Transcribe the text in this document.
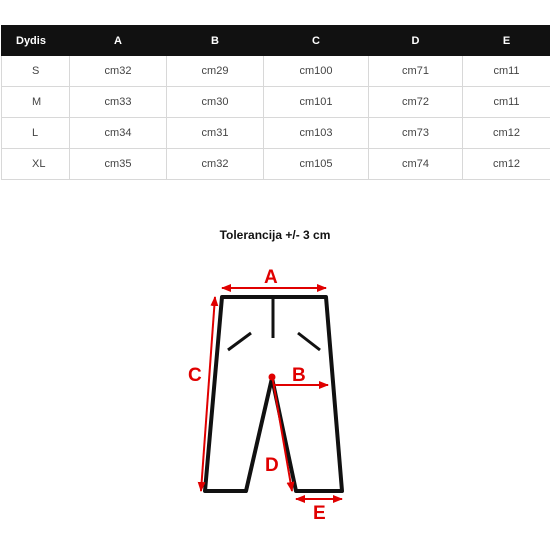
Dydis	A	B	C	D	E
S	cm32	cm29	cm100	cm71	cm11
M	cm33	cm30	cm101	cm72	cm11
L	cm34	cm31	cm103	cm73	cm12
XL	cm35	cm32	cm105	cm74	cm12
Tolerancija +/- 3 cm
A
C	B
D
E
